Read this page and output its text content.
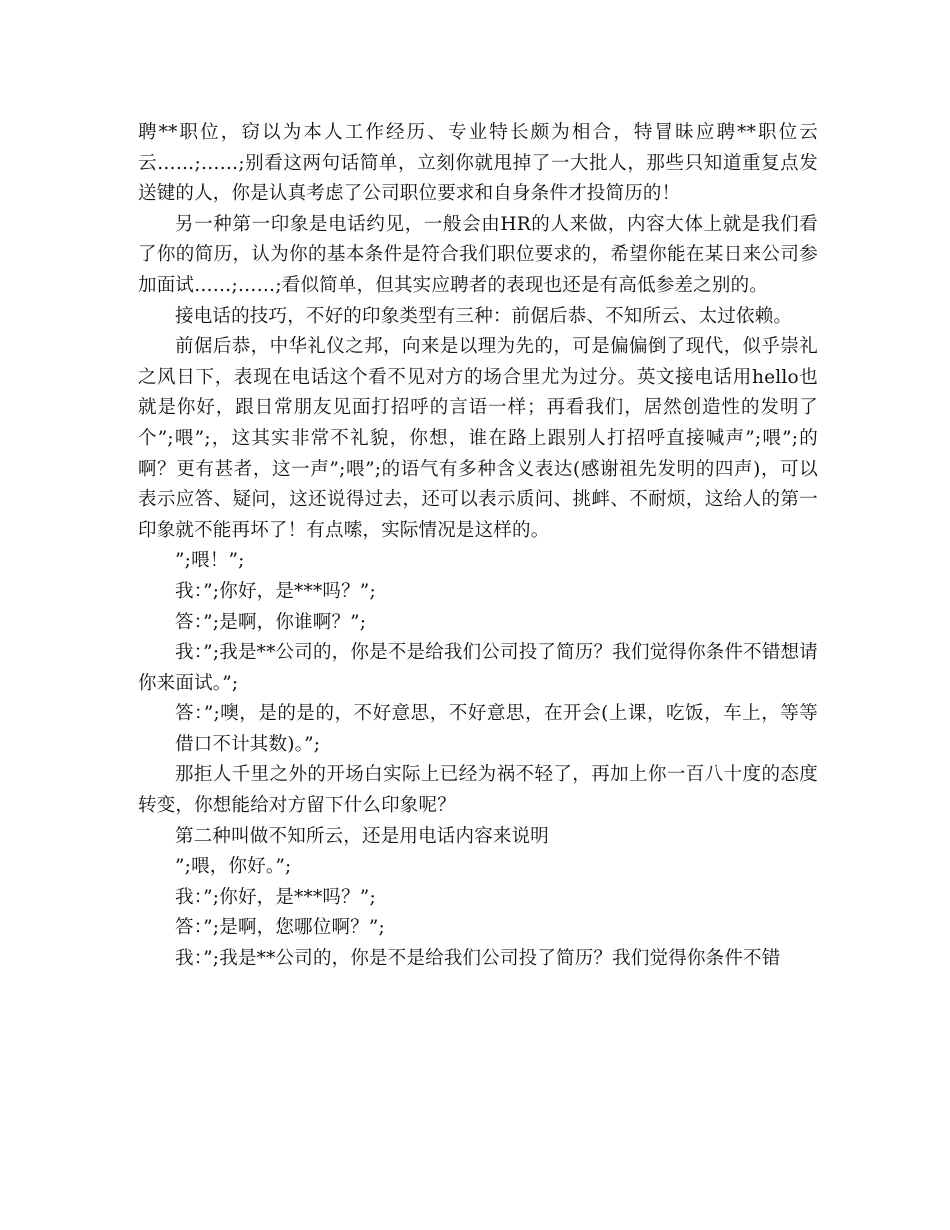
聘**职位，窃以为本人工作经历、专业特长颇为相合，特冒昧应聘**职位云云……;……;别看这两句话简单，立刻你就甩掉了一大批人，那些只知道重复点发送键的人，你是认真考虑了公司职位要求和自身条件才投简历的！

另一种第一印象是电话约见，一般会由HR的人来做，内容大体上就是我们看了你的简历，认为你的基本条件是符合我们职位要求的，希望你能在某日来公司参加面试……;……;看似简单，但其实应聘者的表现也还是有高低参差之别的。

接电话的技巧，不好的印象类型有三种：前倨后恭、不知所云、太过依赖。

前倨后恭，中华礼仪之邦，向来是以理为先的，可是偏偏倒了现代，似乎崇礼之风日下，表现在电话这个看不见对方的场合里尤为过分。英文接电话用hello也就是你好，跟日常朋友见面打招呼的言语一样；再看我们，居然创造性的发明了个”;喂”;，这其实非常不礼貌，你想，谁在路上跟别人打招呼直接喊声”;喂”;的啊？更有甚者，这一声”;喂”;的语气有多种含义表达(感谢祖先发明的四声)，可以表示应答、疑问，这还说得过去，还可以表示质问、挑衅、不耐烦，这给人的第一印象就不能再坏了！有点嗦，实际情况是这样的。

”;喂！”;

我：”;你好，是***吗？”;

答：”;是啊，你谁啊？”;

我：”;我是**公司的，你是不是给我们公司投了简历？我们觉得你条件不错想请你来面试。”;

答：”;噢，是的是的，不好意思，不好意思，在开会(上课，吃饭，车上，等等借口不计其数)。”;

那拒人千里之外的开场白实际上已经为祸不轻了，再加上你一百八十度的态度转变，你想能给对方留下什么印象呢？

第二种叫做不知所云，还是用电话内容来说明

”;喂，你好。”;

我：”;你好，是***吗？”;

答：”;是啊，您哪位啊？”;

我：”;我是**公司的，你是不是给我们公司投了简历？我们觉得你条件不错
